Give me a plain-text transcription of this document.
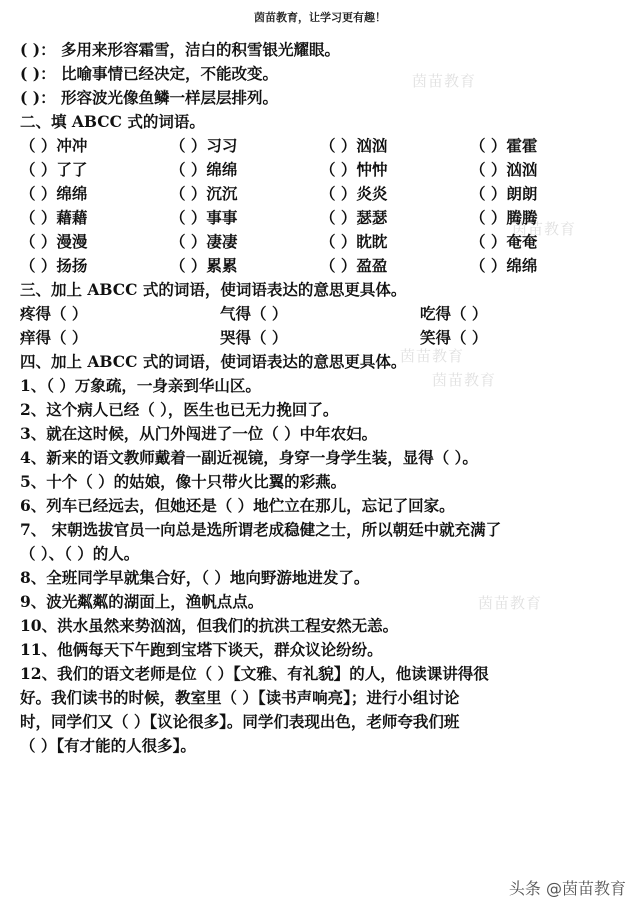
茵苗教育，让学习更有趣！
茵苗教育
茵苗教育
茵苗教育
茵苗教育
茵苗教育
( )： 多用来形容霜雪，洁白的积雪银光耀眼。
( )： 比喻事情已经决定，不能改变。
( )： 形容波光像鱼鳞一样层层排列。
二、填 ABCC 式的词语。
（ ）冲冲	（ ）习习	（ ）汹汹	（ ）霍霍
（ ）了了	（ ）绵绵	（ ）忡忡	（ ）汹汹
（ ）绵绵	（ ）沉沉	（ ）炎炎	（ ）朗朗
（ ）藉藉	（ ）事事	（ ）瑟瑟	（ ）腾腾
（ ）漫漫	（ ）凄凄	（ ）眈眈	（ ）奄奄
（ ）扬扬	（ ）累累	（ ）盈盈	（ ）绵绵
三、加上 ABCC 式的词语，使词语表达的意思更具体。
疼得（ ）	气得（ ）	吃得（ ）
痒得（ ）	哭得（ ）	笑得（ ）
四、加上 ABCC 式的词语，使词语表达的意思更具体。
1、（ ）万象疏，一身亲到华山区。
2、这个病人已经（ ），医生也已无力挽回了。
3、就在这时候，从门外闯进了一位（ ）中年农妇。
4、新来的语文教师戴着一副近视镜，身穿一身学生装，显得（ ）。
5、十个（ ）的姑娘，像十只带火比翼的彩燕。
6、列车已经远去，但她还是（ ）地伫立在那儿，忘记了回家。
7、 宋朝选拔官员一向总是选所谓老成稳健之士，所以朝廷中就充满了
（ ）、（ ）的人。
8、全班同学早就集合好，（ ）地向野游地进发了。
9、波光粼粼的湖面上，渔帆点点。
10、洪水虽然来势汹汹，但我们的抗洪工程安然无恙。
11、他俩每天下午跑到宝塔下谈天，群众议论纷纷。
12、我们的语文老师是位（ ）【文雅、有礼貌】的人，他读课讲得很
好。我们读书的时候，教室里（ ）【读书声响亮】；进行小组讨论
时，同学们又（ ）【议论很多】。同学们表现出色，老师夸我们班
（ ）【有才能的人很多】。
头条 @茵苗教育
